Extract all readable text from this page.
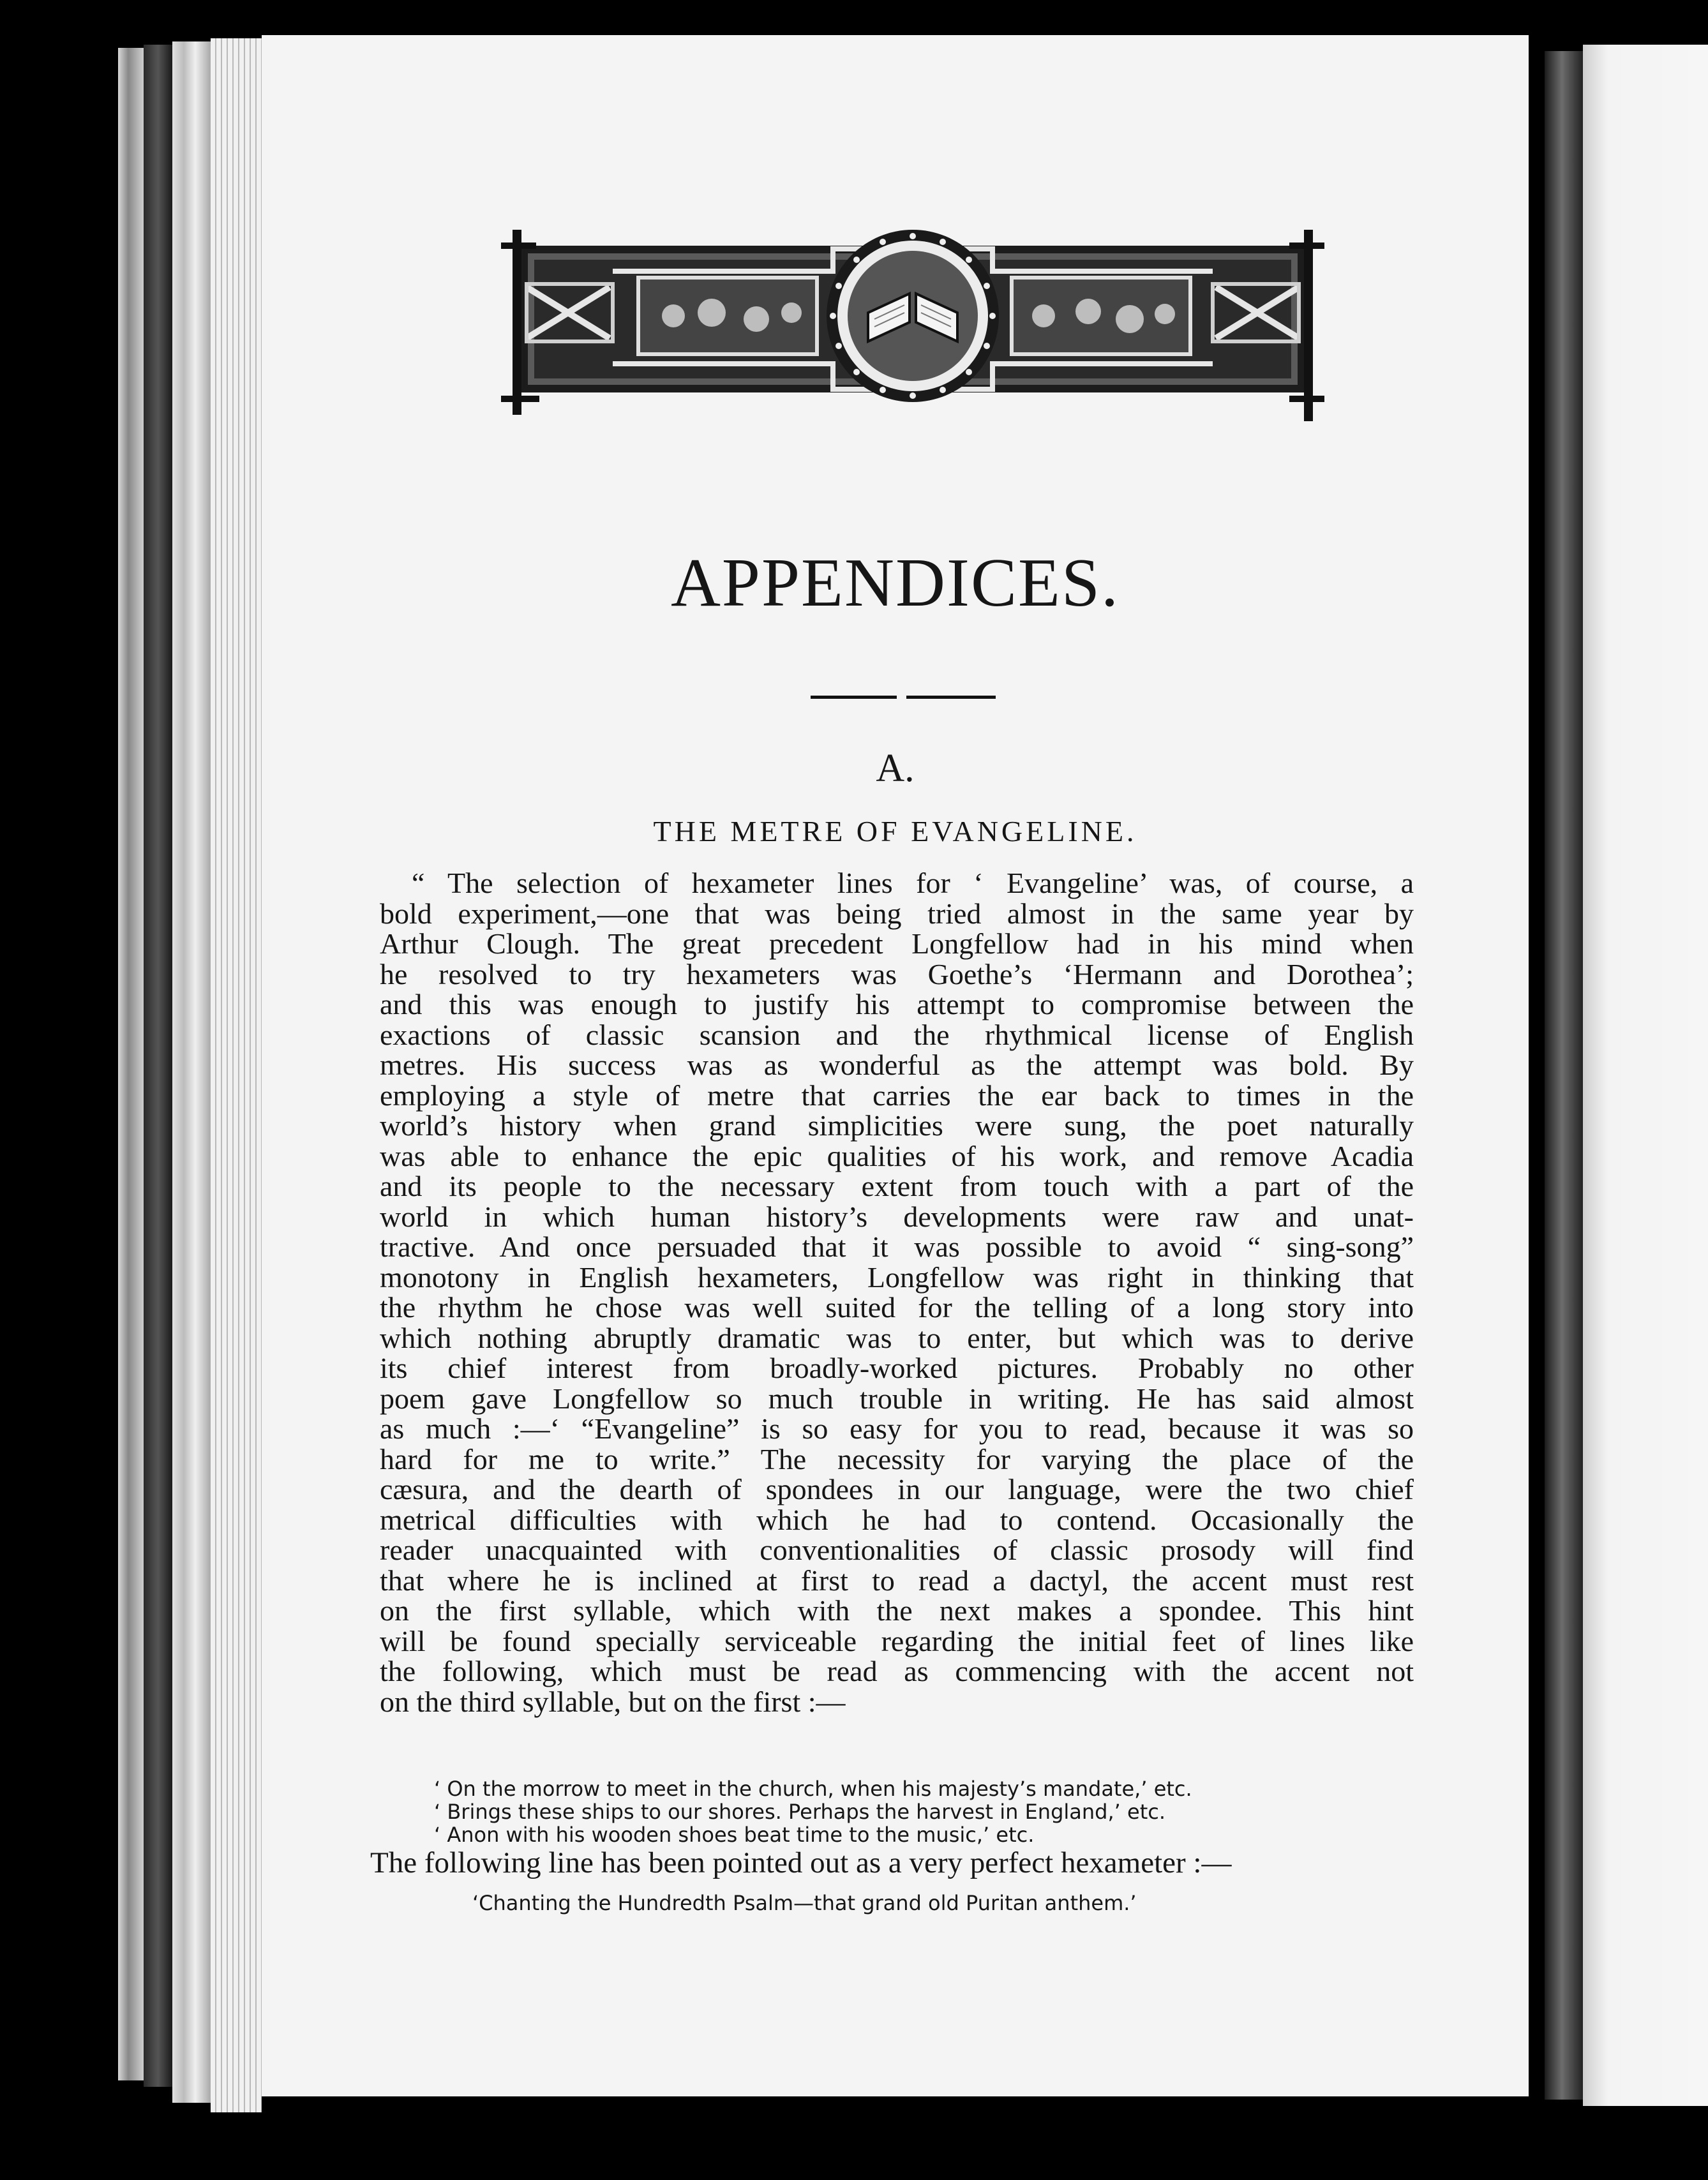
APPENDICES.
A.
THE METRE OF EVANGELINE.
“ The selection of hexameter lines for ‘ Evangeline’ was, of course, a
bold experiment,—one that was being tried almost in the same year by
Arthur Clough. The great precedent Longfellow had in his mind when
he resolved to try hexameters was Goethe’s ‘Hermann and Dorothea’;
and this was enough to justify his attempt to compromise between the
exactions of classic scansion and the rhythmical license of English
metres. His success was as wonderful as the attempt was bold. By
employing a style of metre that carries the ear back to times in the
world’s history when grand simplicities were sung, the poet naturally
was able to enhance the epic qualities of his work, and remove Acadia
and its people to the necessary extent from touch with a part of the
world in which human history’s developments were raw and unat-
tractive. And once persuaded that it was possible to avoid “ sing-song”
monotony in English hexameters, Longfellow was right in thinking that
the rhythm he chose was well suited for the telling of a long story into
which nothing abruptly dramatic was to enter, but which was to derive
its chief interest from broadly-worked pictures. Probably no other
poem gave Longfellow so much trouble in writing. He has said almost
as much :—‘ “Evangeline” is so easy for you to read, because it was so
hard for me to write.” The necessity for varying the place of the
cæsura, and the dearth of spondees in our language, were the two chief
metrical difficulties with which he had to contend. Occasionally the
reader unacquainted with conventionalities of classic prosody will find
that where he is inclined at first to read a dactyl, the accent must rest
on the first syllable, which with the next makes a spondee. This hint
will be found specially serviceable regarding the initial feet of lines like
the following, which must be read as commencing with the accent not
on the third syllable, but on the first :—
‘ On the morrow to meet in the church, when his majesty’s mandate,’ etc.
‘ Brings these ships to our shores. Perhaps the harvest in England,’ etc.
‘ Anon with his wooden shoes beat time to the music,’ etc.
The following line has been pointed out as a very perfect hexameter :—
‘Chanting the Hundredth Psalm—that grand old Puritan anthem.’
